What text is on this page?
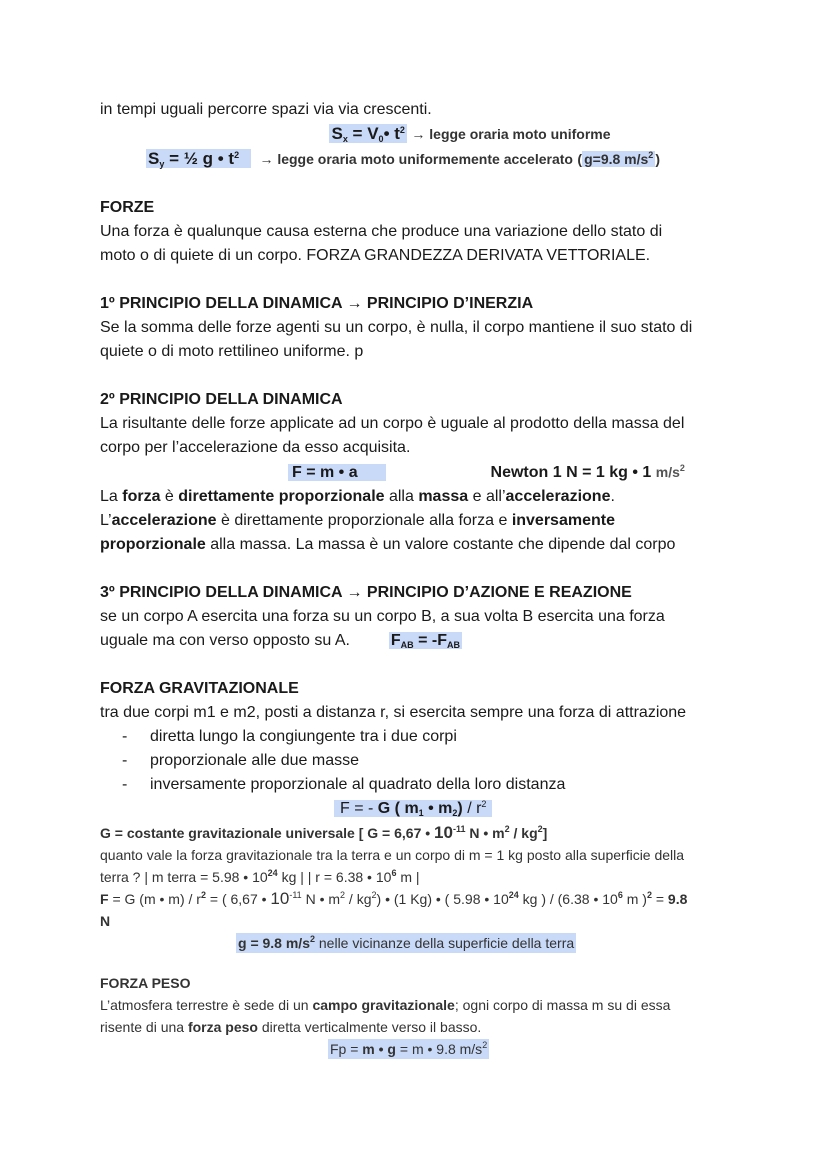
in tempi uguali percorre spazi via via crescenti.
$S_x$ = $V_0•$ $t^2$ → legge oraria moto uniforme
$S_y$ = ½ g • $t^2$ → legge oraria moto uniformemente accelerato ( g=9.8 $m/s^2$ )
FORZE
Una forza è qualunque causa esterna che produce una variazione dello stato di
moto o di quiete di un corpo. FORZA GRANDEZZA DERIVATA VETTORIALE.
1º PRINCIPIO DELLA DINAMICA → PRINCIPIO D’INERZIA
Se la somma delle forze agenti su un corpo, è nulla, il corpo mantiene il suo stato di
quiete o di moto rettilineo uniforme. p
2º PRINCIPIO DELLA DINAMICA
La risultante delle forze applicate ad un corpo è uguale al prodotto della massa del
corpo per l’accelerazione da esso acquisita.
F = m • a	Newton 1 N = 1 kg • 1 $m/s^2$
La forza è direttamente proporzionale alla massa e all’accelerazione.
L’accelerazione è direttamente proporzionale alla forza e inversamente
proporzionale alla massa. La massa è un valore costante che dipende dal corpo
3º PRINCIPIO DELLA DINAMICA → PRINCIPIO D’AZIONE E REAZIONE
se un corpo A esercita una forza su un corpo B, a sua volta B esercita una forza
uguale ma con verso opposto su A.	$F_{AB} = -F_{AB}$
FORZA GRAVITAZIONALE
tra due corpi m1 e m2, posti a distanza r, si esercita sempre una forza di attrazione
- diretta lungo la congiungente tra i due corpi
- proporzionale alle due masse
- inversamente proporzionale al quadrato della loro distanza
F = - G ( $m_1$ • $m_2) / r^2$
G = costante gravitazionale universale [ G = 6,67 • $10^{-11}$ N • $m^2 / kg^2$]
quanto vale la forza gravitazionale tra la terra e un corpo di m = 1 kg posto alla superficie della
terra ? | m terra = 5.98 • $10^{24}$ kg | | r = 6.38 • $10^6$ m |
F = G (m • $m) / r^2$ = ( 6,67 • $10^{-11}$ N • $m^2 / kg^2$) • (1 Kg) • ( 5.98 • $10^{24}$ kg ) / (6.38 • $10^6$ m )$^2$ = 9.8
N
g = 9.8 $m/s^2$ nelle vicinanze della superficie della terra
FORZA PESO
L’atmosfera terrestre è sede di un campo gravitazionale; ogni corpo di massa m su di essa
risente di una forza peso diretta verticalmente verso il basso.
Fp = m • g = m • 9.8 $m/s^2$
